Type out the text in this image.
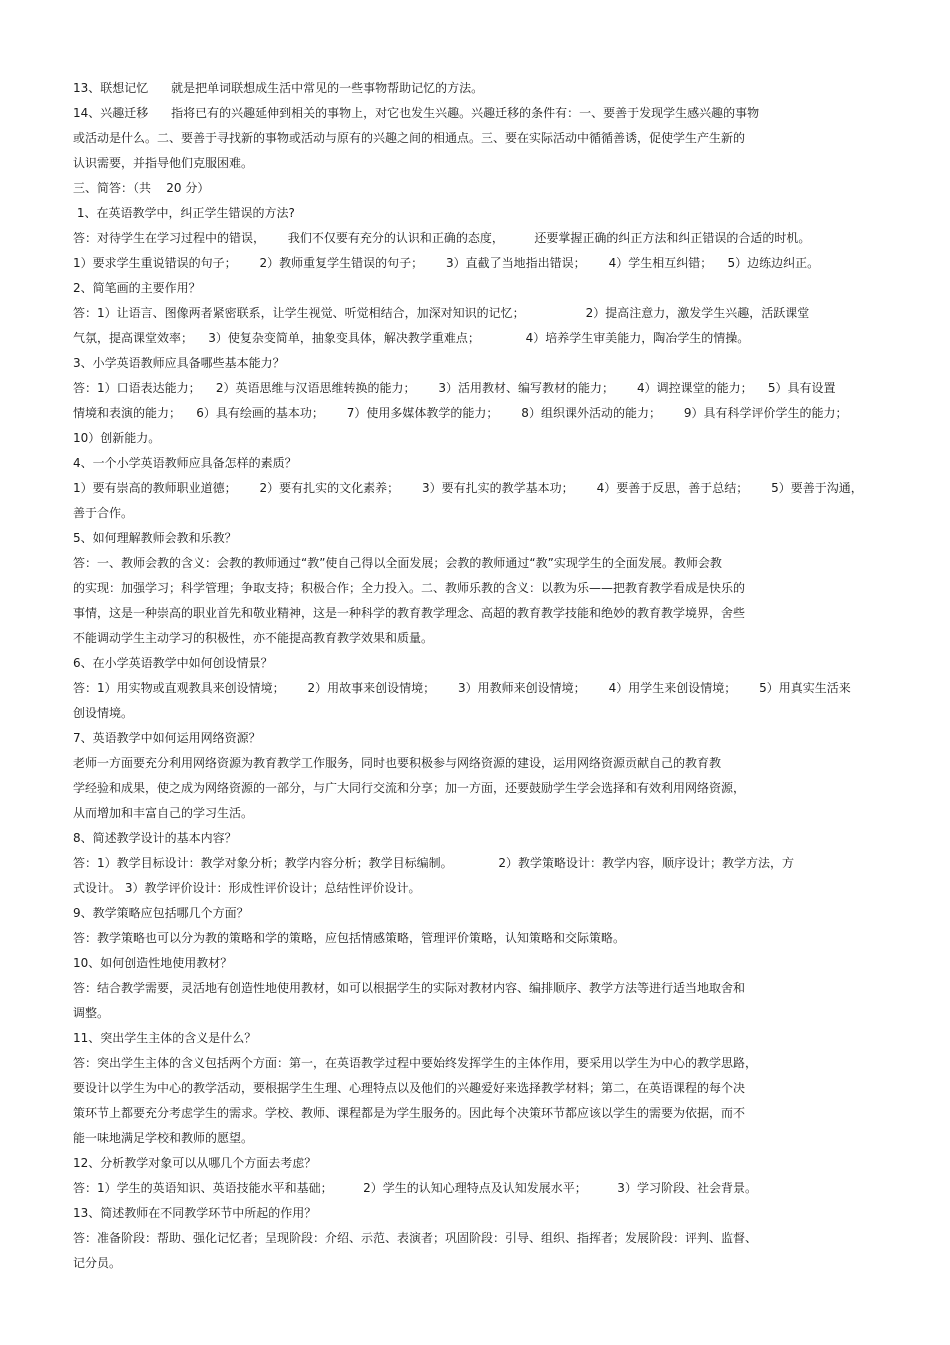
13、联想记忆      就是把单词联想成生活中常见的一些事物帮助记忆的方法。
14、兴趣迁移      指将已有的兴趣延伸到相关的事物上，对它也发生兴趣。兴趣迁移的条件有：一、要善于发现学生感兴趣的事物
或活动是什么。二、要善于寻找新的事物或活动与原有的兴趣之间的相通点。三、要在实际活动中循循善诱，促使学生产生新的
认识需要，并指导他们克服困难。
三、简答：（共    20 分）
1、在英语教学中，纠正学生错误的方法?
答：对待学生在学习过程中的错误，      我们不仅要有充分的认识和正确的态度，        还要掌握正确的纠正方法和纠正错误的合适的时机。
1）要求学生重说错误的句子；      2）教师重复学生错误的句子；      3）直截了当地指出错误；      4）学生相互纠错；    5）边练边纠正。
2、简笔画的主要作用？
答：1）让语言、图像两者紧密联系，让学生视觉、听觉相结合，加深对知识的记忆；                2）提高注意力，激发学生兴趣，活跃课堂
气氛，提高课堂效率；    3）使复杂变简单，抽象变具体，解决教学重难点；            4）培养学生审美能力，陶冶学生的情操。
3、小学英语教师应具备哪些基本能力？
答：1）口语表达能力；    2）英语思维与汉语思维转换的能力；      3）活用教材、编写教材的能力；      4）调控课堂的能力；    5）具有设置
情境和表演的能力；    6）具有绘画的基本功；      7）使用多媒体教学的能力；      8）组织课外活动的能力；      9）具有科学评价学生的能力；
10）创新能力。
4、一个小学英语教师应具备怎样的素质？
1）要有崇高的教师职业道德；      2）要有扎实的文化素养；      3）要有扎实的教学基本功；      4）要善于反思，善于总结；      5）要善于沟通，
善于合作。
5、如何理解教师会教和乐教？
答：一、教师会教的含义：会教的教师通过“教”使自己得以全面发展；会教的教师通过“教”实现学生的全面发展。教师会教
的实现：加强学习；科学管理；争取支持；积极合作；全力投入。二、教师乐教的含义：以教为乐——把教育教学看成是快乐的
事情，这是一种崇高的职业首先和敬业精神，这是一种科学的教育教学理念、高超的教育教学技能和绝妙的教育教学境界，舍些
不能调动学生主动学习的积极性，亦不能提高教育教学效果和质量。
6、在小学英语教学中如何创设情景？
答：1）用实物或直观教具来创设情境；      2）用故事来创设情境；      3）用教师来创设情境；      4）用学生来创设情境；      5）用真实生活来
创设情境。
7、英语教学中如何运用网络资源？
老师一方面要充分利用网络资源为教育教学工作服务，同时也要积极参与网络资源的建设，运用网络资源贡献自己的教育教
学经验和成果，使之成为网络资源的一部分，与广大同行交流和分享；加一方面，还要鼓励学生学会选择和有效利用网络资源，
从而增加和丰富自己的学习生活。
8、简述教学设计的基本内容？
答：1）教学目标设计：教学对象分析；教学内容分析；教学目标编制。            2）教学策略设计：教学内容，顺序设计；教学方法，方
式设计。 3）教学评价设计：形成性评价设计；总结性评价设计。
9、教学策略应包括哪几个方面？
答：教学策略也可以分为教的策略和学的策略，应包括情感策略，管理评价策略，认知策略和交际策略。
10、如何创造性地使用教材？
答：结合教学需要，灵活地有创造性地使用教材，如可以根据学生的实际对教材内容、编排顺序、教学方法等进行适当地取舍和
调整。
11、突出学生主体的含义是什么？
答：突出学生主体的含义包括两个方面：第一，在英语教学过程中要始终发挥学生的主体作用，要采用以学生为中心的教学思路，
要设计以学生为中心的教学活动，要根据学生生理、心理特点以及他们的兴趣爱好来选择教学材料；第二，在英语课程的每个决
策环节上都要充分考虑学生的需求。学校、教师、课程都是为学生服务的。因此每个决策环节都应该以学生的需要为依据，而不
能一味地满足学校和教师的愿望。
12、分析教学对象可以从哪几个方面去考虑？
答：1）学生的英语知识、英语技能水平和基础；        2）学生的认知心理特点及认知发展水平；        3）学习阶段、社会背景。
13、简述教师在不同教学环节中所起的作用？
答：准备阶段：帮助、强化记忆者；呈现阶段：介绍、示范、表演者；巩固阶段：引导、组织、指挥者；发展阶段：评判、监督、
记分员。
